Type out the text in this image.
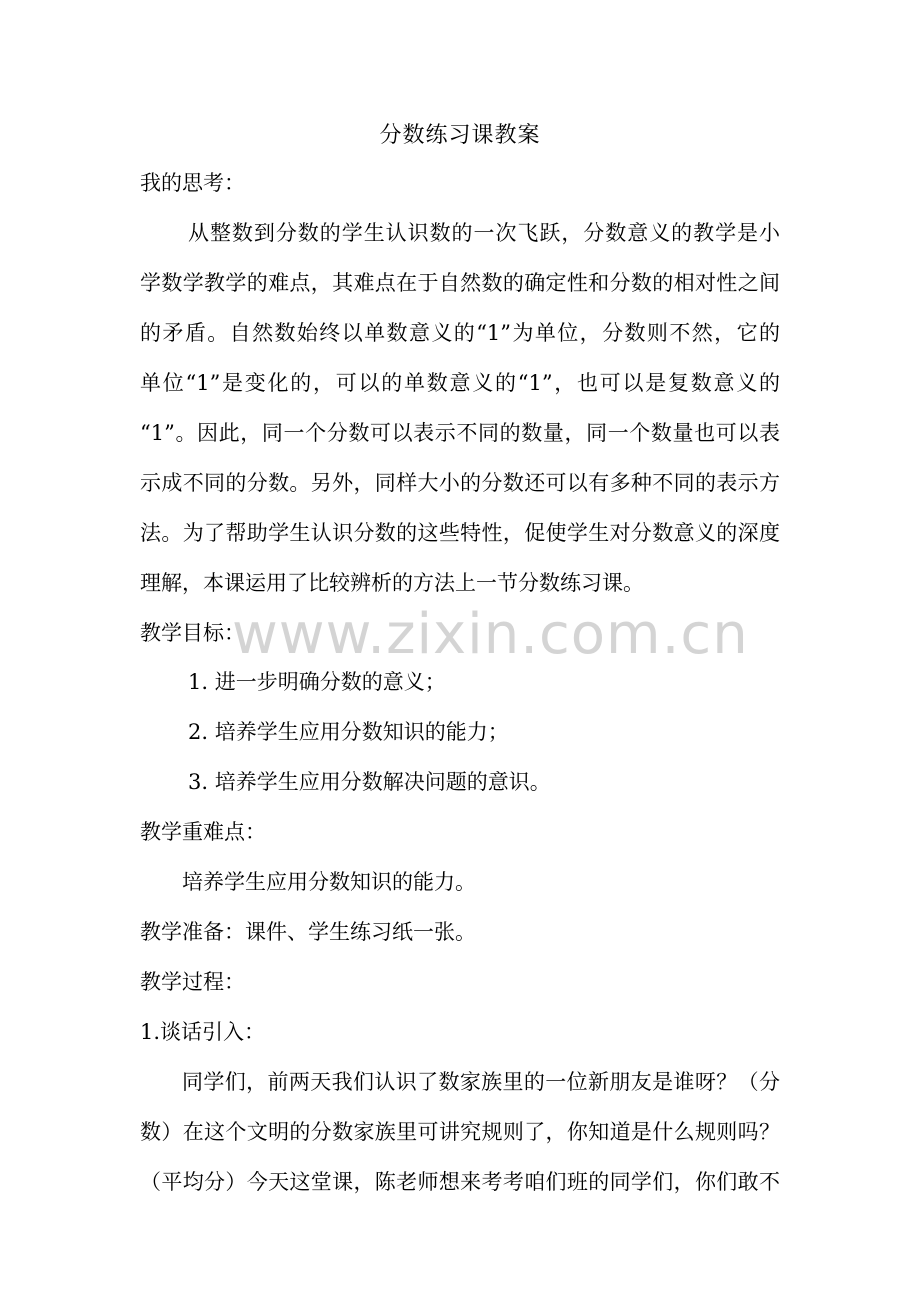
www.zixin.com.cn
分数练习课教案
我的思考：
从整数到分数的学生认识数的一次飞跃，分数意义的教学是小
学数学教学的难点，其难点在于自然数的确定性和分数的相对性之间
的矛盾。自然数始终以单数意义的“1”为单位，分数则不然，它的
单位“1”是变化的，可以的单数意义的“1”，也可以是复数意义的
“1”。因此，同一个分数可以表示不同的数量，同一个数量也可以表
示成不同的分数。另外，同样大小的分数还可以有多种不同的表示方
法。为了帮助学生认识分数的这些特性，促使学生对分数意义的深度
理解，本课运用了比较辨析的方法上一节分数练习课。
教学目标：
1. 进一步明确分数的意义；
2. 培养学生应用分数知识的能力；
3. 培养学生应用分数解决问题的意识。
教学重难点：
培养学生应用分数知识的能力。
教学准备：课件、学生练习纸一张。
教学过程：
1.谈话引入：
同学们，前两天我们认识了数家族里的一位新朋友是谁呀？（分
数）在这个文明的分数家族里可讲究规则了，你知道是什么规则吗？
（平均分）今天这堂课，陈老师想来考考咱们班的同学们，你们敢不
